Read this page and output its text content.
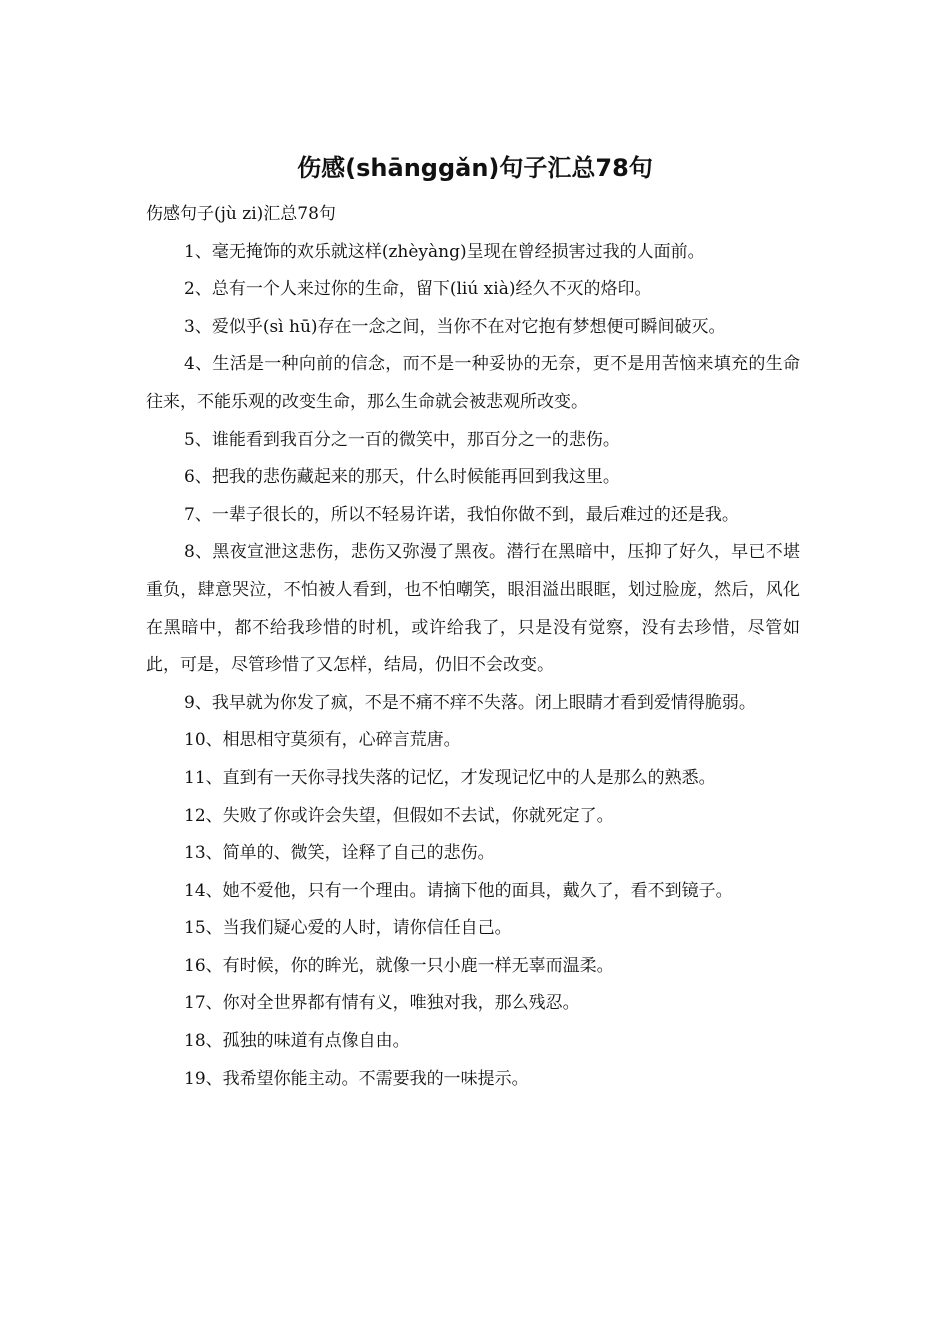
伤感(shānggǎn)句子汇总78句

伤感句子(jù zi)汇总78句

1、毫无掩饰的欢乐就这样(zhèyàng)呈现在曾经损害过我的人面前。

2、总有一个人来过你的生命，留下(liú xià)经久不灭的烙印。

3、爱似乎(sì hū)存在一念之间，当你不在对它抱有梦想便可瞬间破灭。

4、生活是一种向前的信念，而不是一种妥协的无奈，更不是用苦恼来填充的生命往来，不能乐观的改变生命，那么生命就会被悲观所改变。

5、谁能看到我百分之一百的微笑中，那百分之一的悲伤。

6、把我的悲伤藏起来的那天，什么时候能再回到我这里。

7、一辈子很长的，所以不轻易许诺，我怕你做不到，最后难过的还是我。

8、黑夜宣泄这悲伤，悲伤又弥漫了黑夜。潜行在黑暗中，压抑了好久，早已不堪重负，肆意哭泣，不怕被人看到，也不怕嘲笑，眼泪溢出眼眶，划过脸庞，然后，风化在黑暗中，都不给我珍惜的时机，或许给我了，只是没有觉察，没有去珍惜，尽管如此，可是，尽管珍惜了又怎样，结局，仍旧不会改变。

9、我早就为你发了疯，不是不痛不痒不失落。闭上眼睛才看到爱情得脆弱。

10、相思相守莫须有，心碎言荒唐。

11、直到有一天你寻找失落的记忆，才发现记忆中的人是那么的熟悉。

12、失败了你或许会失望，但假如不去试，你就死定了。

13、简单的、微笑，诠释了自己的悲伤。

14、她不爱他，只有一个理由。请摘下他的面具，戴久了，看不到镜子。

15、当我们疑心爱的人时，请你信任自己。

16、有时候，你的眸光，就像一只小鹿一样无辜而温柔。

17、你对全世界都有情有义，唯独对我，那么残忍。

18、孤独的味道有点像自由。

19、我希望你能主动。不需要我的一味提示。
